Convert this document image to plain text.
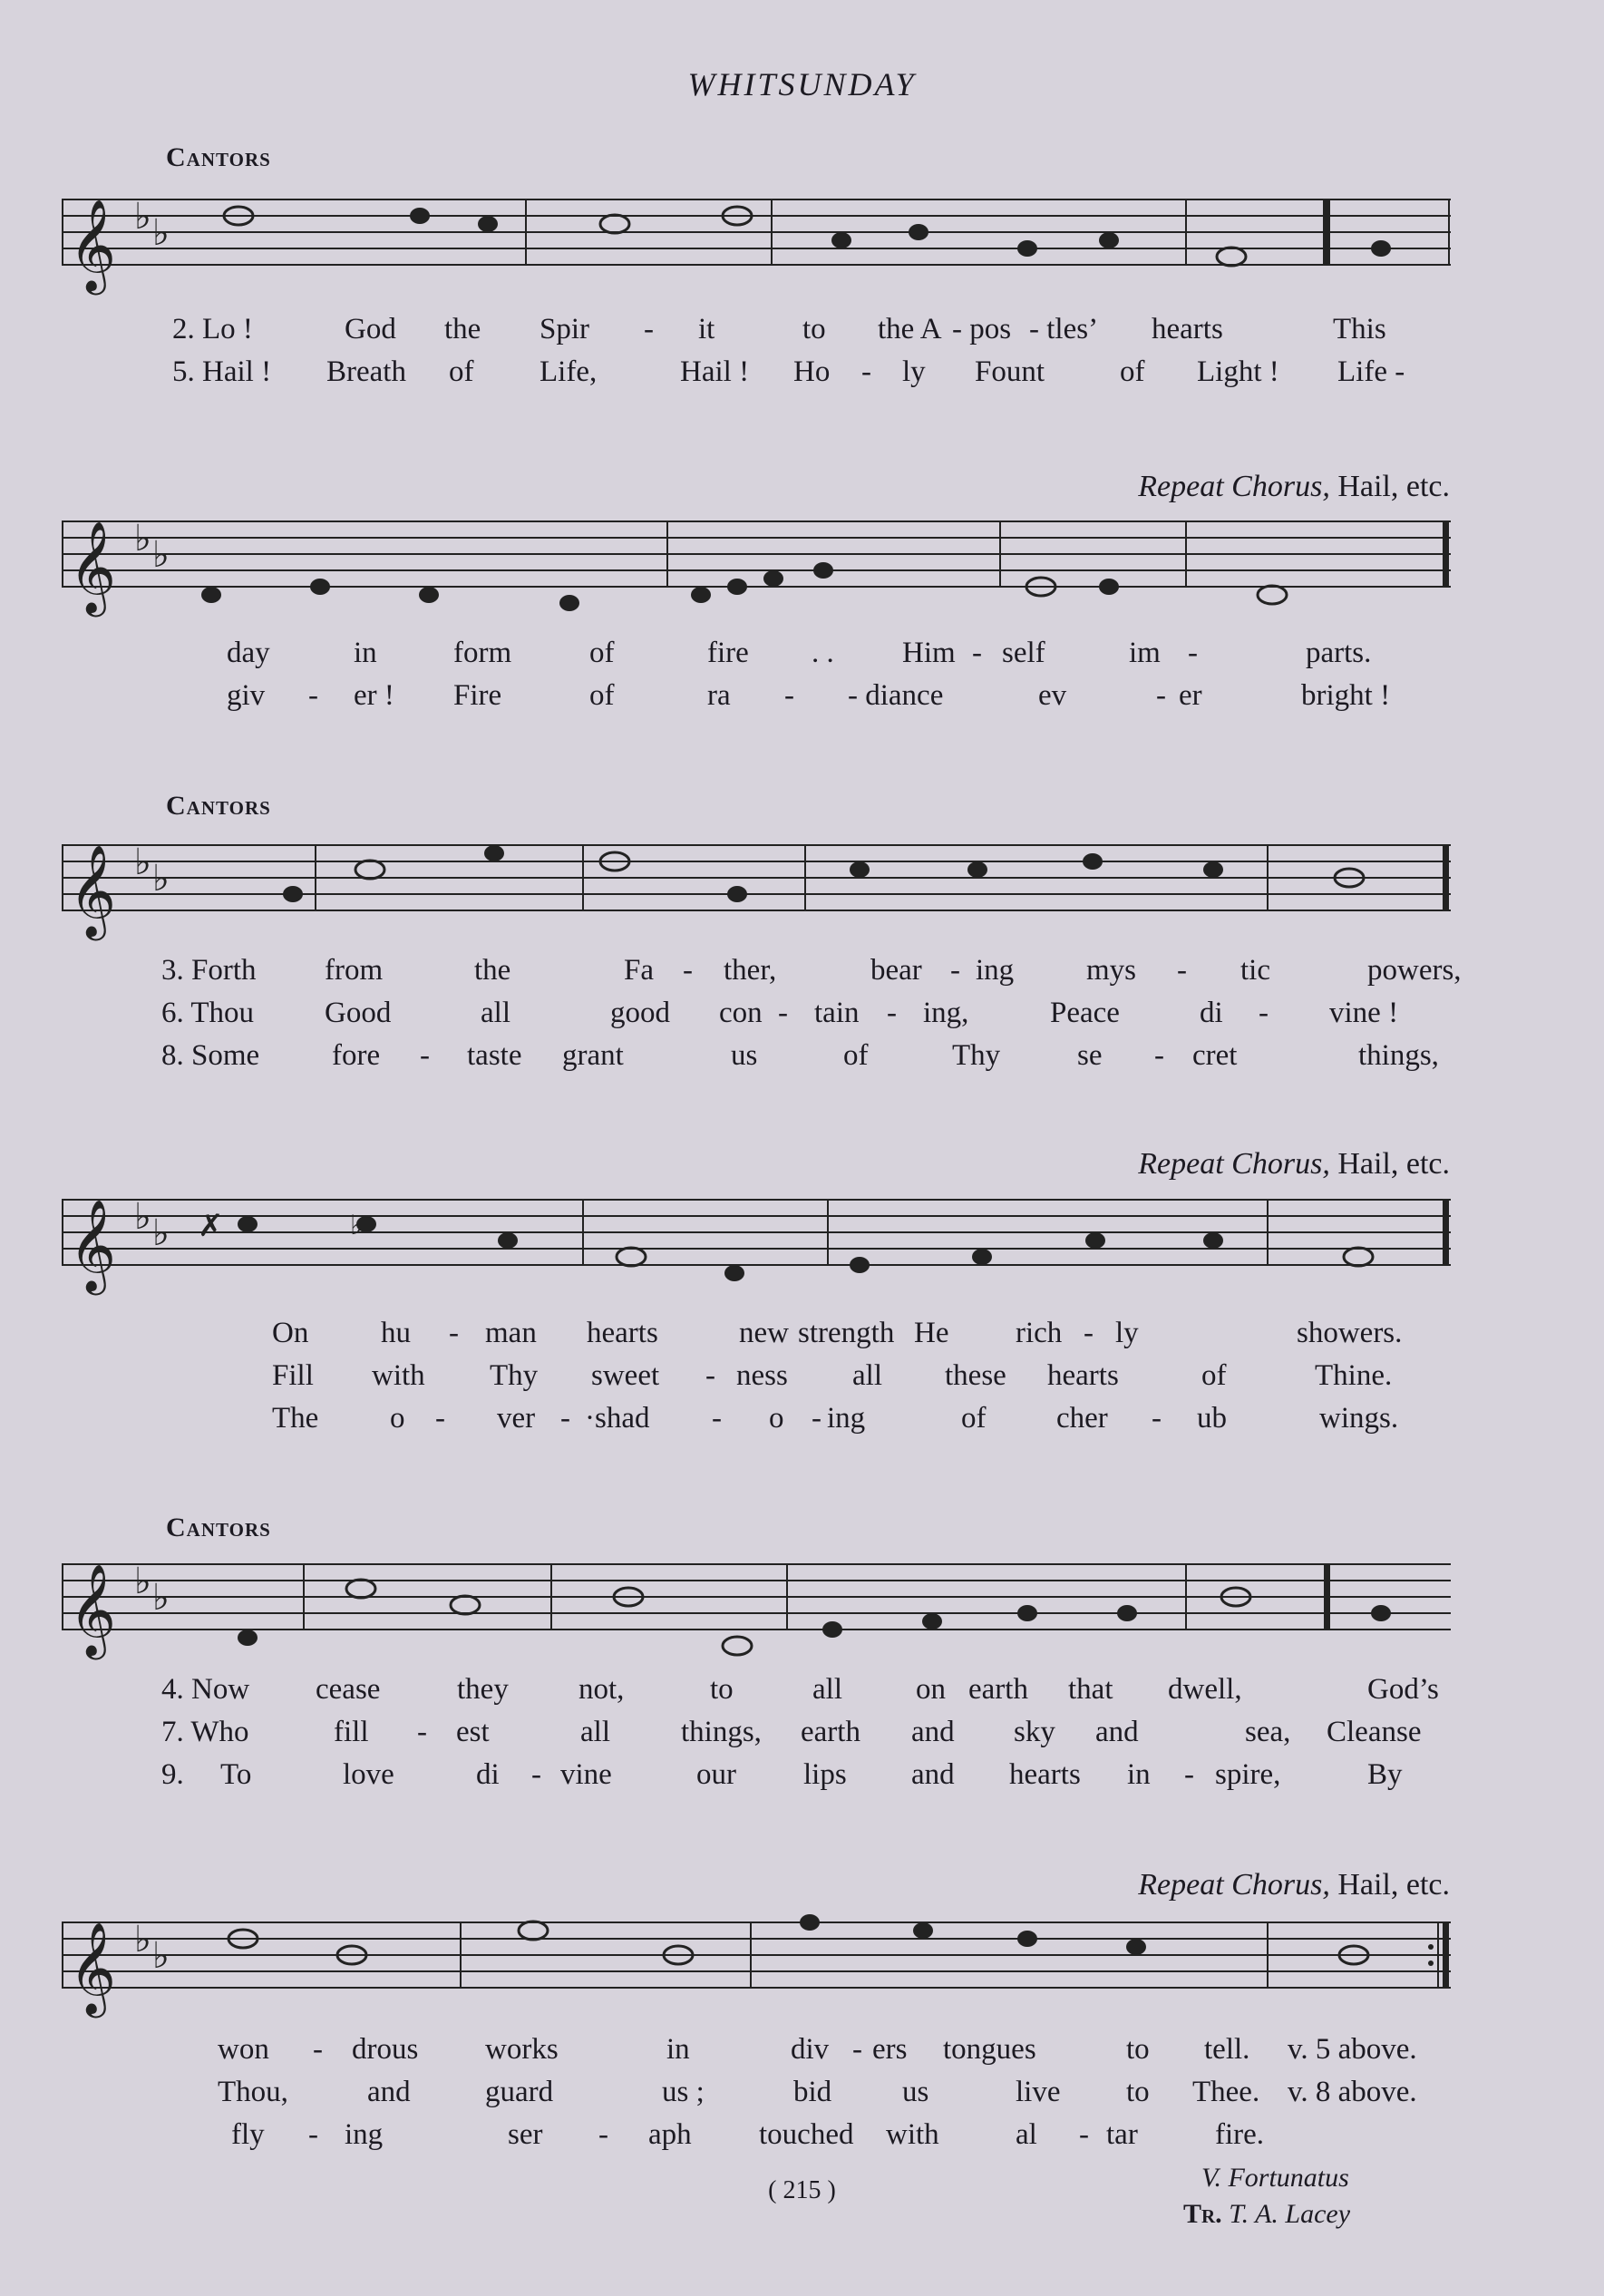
WHITSUNDAY
Cantors
𝄞 ♭ ♭
2. Lo !	God the Spir - it	to the A - pos - tles’ hearts	This
5. Hail ! Breath of Life,	Hail ! Ho - ly Fount	of Light ! Life -
Repeat Chorus, Hail, etc.
𝄞 ♭ ♭
day	in	form	of	fire . . Him - self	im -	parts.
giv - er ! Fire	of	ra - - diance	ev	- er	bright !
Cantors
𝄞 ♭ ♭
3. Forth from	the	Fa - ther,	bear - ing mys - tic	powers,
6. Thou Good	all	good con - tain - ing,	Peace	di - vine !
8. Some fore - taste grant	us	of	Thy	se - cret	things,
Repeat Chorus, Hail, etc.
𝄞 ♭ ♭ ✗	♭
On hu - man hearts	new strength He rich - ly	showers.
Fill with Thy sweet - ness all these hearts	of	Thine.
The o - ver - ·shad - o - ing	of cher - ub	wings.
Cantors
𝄞 ♭ ♭
4. Now cease	they not,	to	all on earth that dwell,	God’s
7. Who	fill - est	all things, earth and sky and	sea, Cleanse
9. To	love	di - vine	our lips and hearts in - spire,	By
Repeat Chorus, Hail, etc.
𝄞 ♭ ♭
won - drous works	in	div - ers tongues	to tell. v. 5 above.
Thou,	and guard	us ;	bid us	live to Thee. v. 8 above.
fly - ing	ser - aph touched with	al - tar	fire.
V. Fortunatus
Tr. T. A. Lacey
( 215 )
